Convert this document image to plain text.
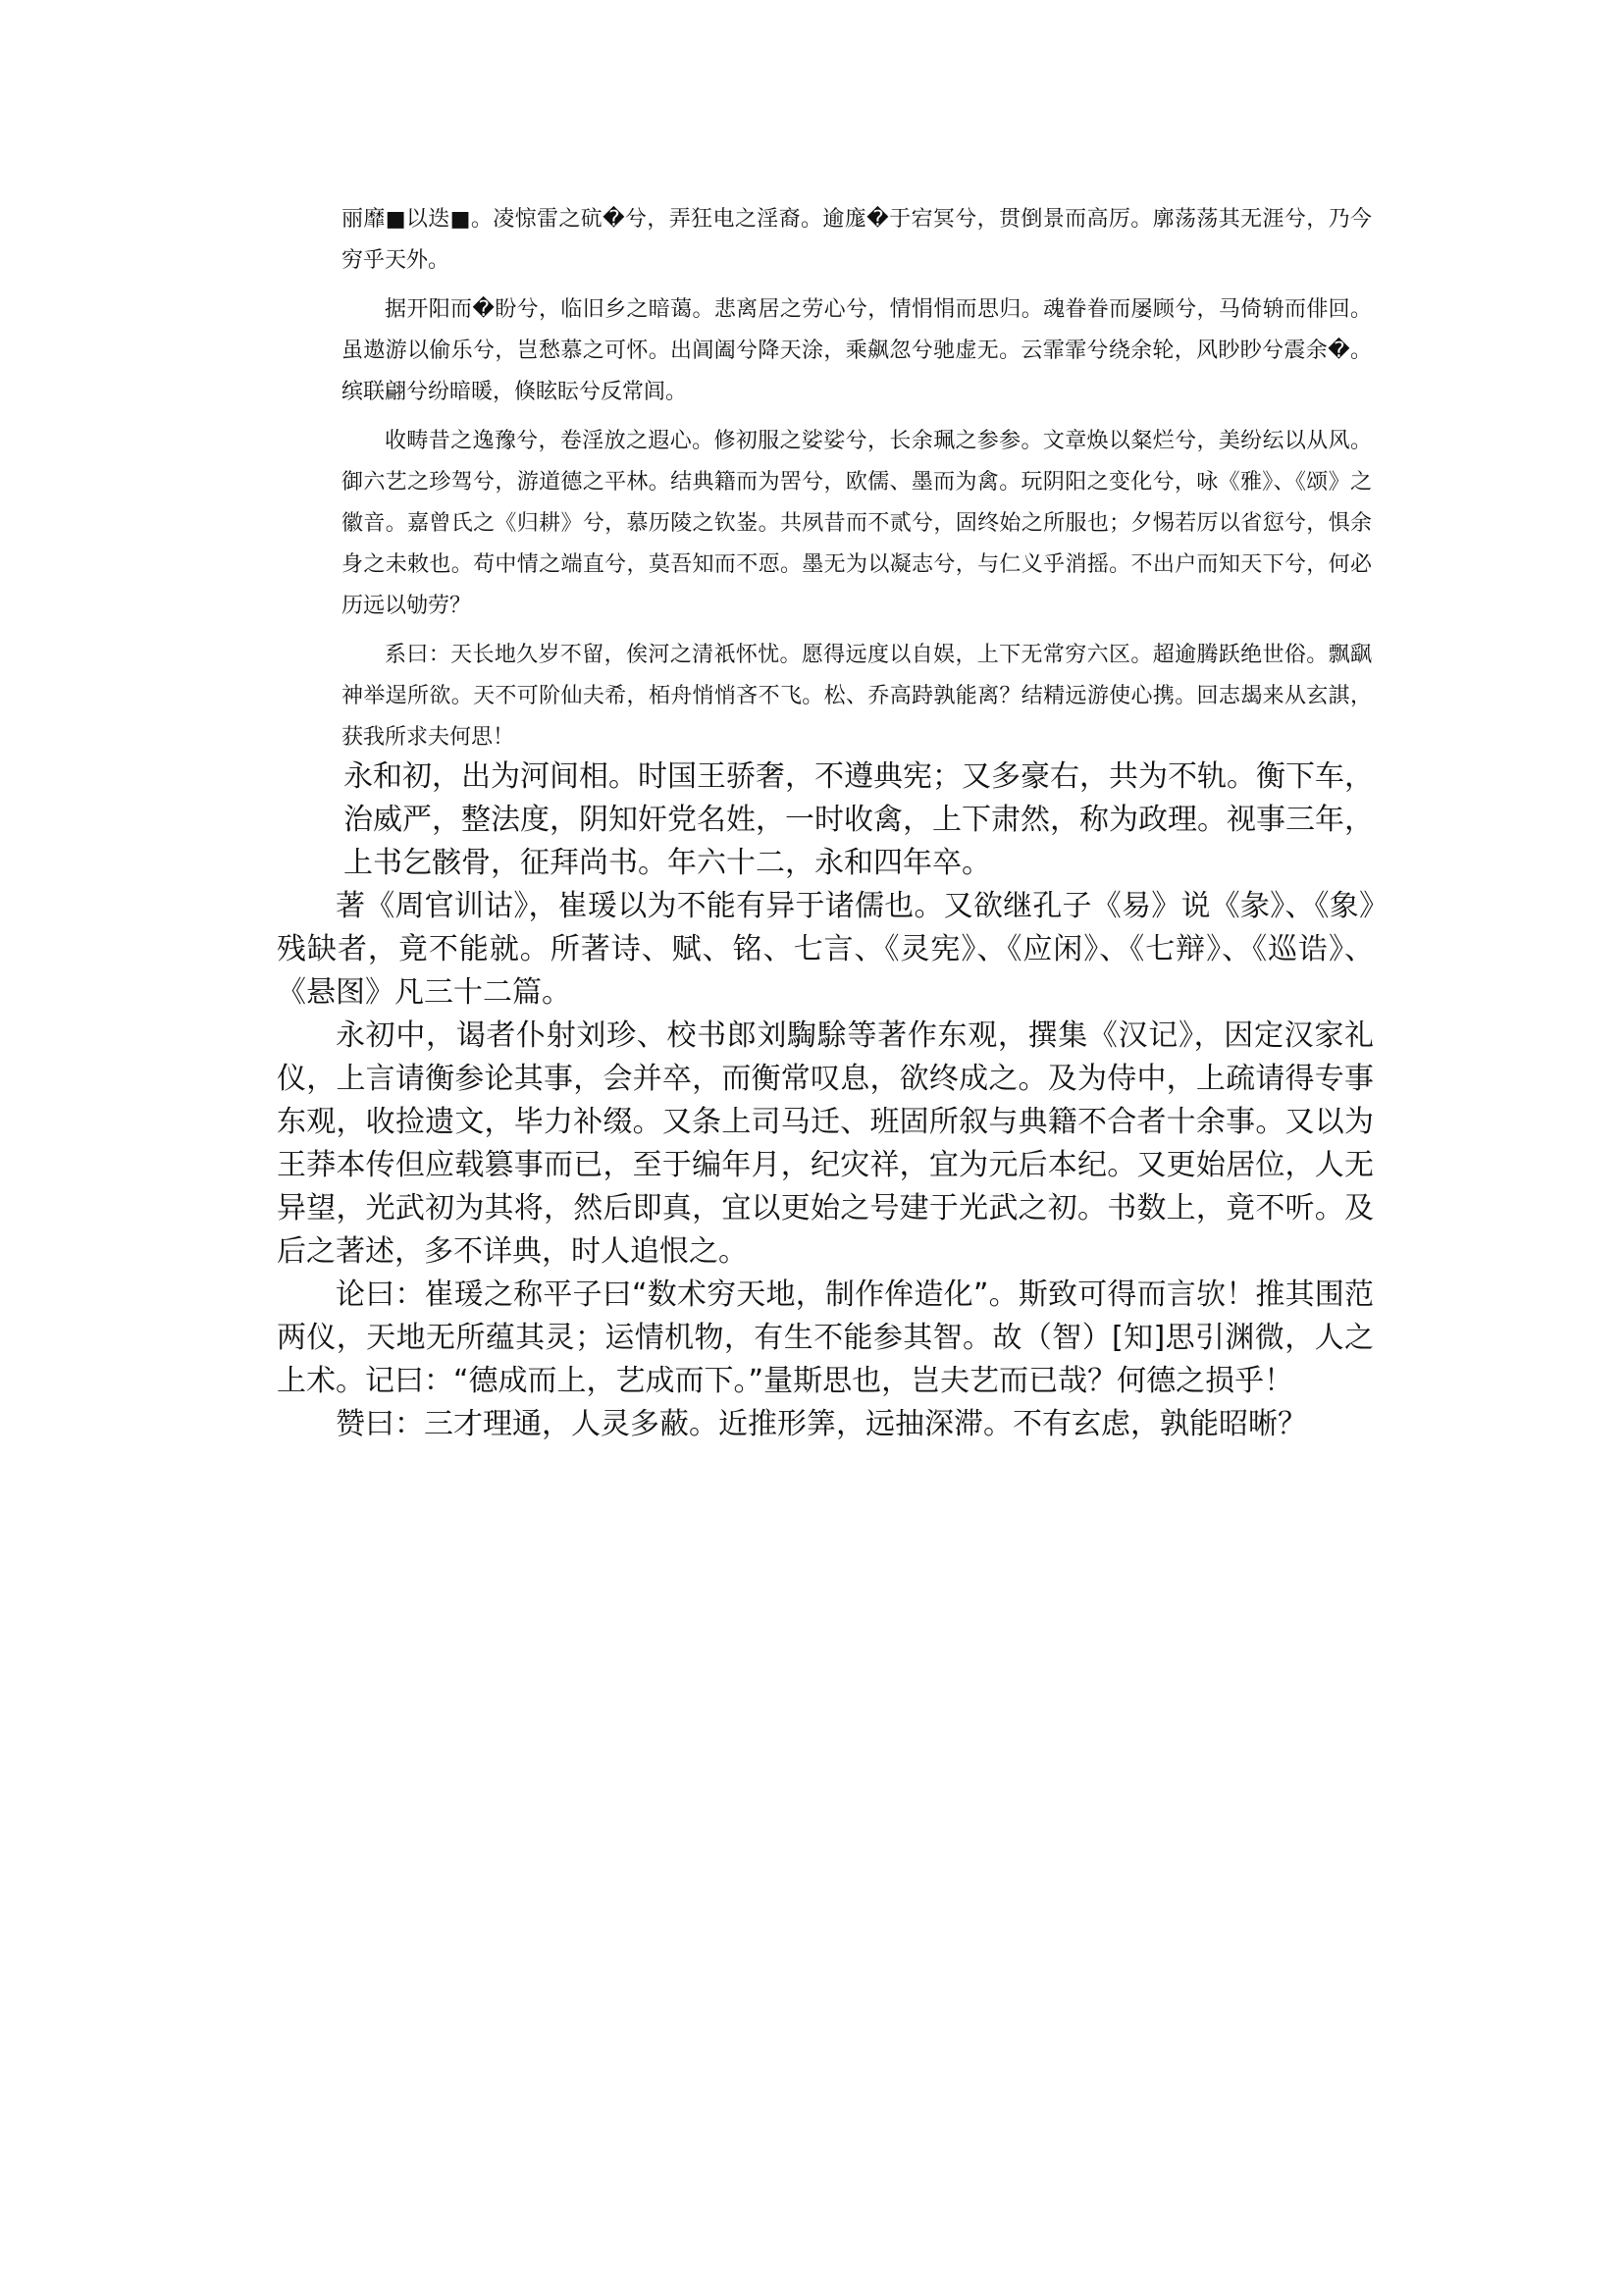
丽靡■以迭■。凌惊雷之砊�兮，弄狂电之淫裔。逾庬�于宕冥兮，贯倒景而高厉。廓荡荡其无涯兮，乃今穷乎天外。

据开阳而�盼兮，临旧乡之暗蔼。悲离居之劳心兮，情悁悁而思归。魂眷眷而屡顾兮，马倚辀而俳回。虽遨游以偷乐兮，岂愁慕之可怀。出阊阖兮降天涂，乘飙忽兮驰虚无。云霏霏兮绕余轮，风眇眇兮震余�。缤联翩兮纷暗暖，倏眩眃兮反常闾。

收畴昔之逸豫兮，卷淫放之遐心。修初服之娑娑兮，长余珮之参参。文章焕以粲烂兮，美纷纭以从风。御六艺之珍驾兮，游道德之平林。结典籍而为罟兮，欧儒、墨而为禽。玩阴阳之变化兮，咏《雅》、《颂》之徽音。嘉曾氏之《归耕》兮，慕历陵之钦崟。共夙昔而不贰兮，固终始之所服也；夕惕若厉以省愆兮，惧余身之未敕也。苟中情之端直兮，莫吾知而不恧。墨无为以凝志兮，与仁义乎消摇。不出户而知天下兮，何必历远以劬劳？

系曰：天长地久岁不留，俟河之清祇怀忧。愿得远度以自娱，上下无常穷六区。超逾腾跃绝世俗。飘飖神举逞所欲。天不可阶仙夫希，栢舟悄悄吝不飞。松、乔高跱孰能离？结精远游使心携。回志朅来从玄諆，获我所求夫何思！

永和初，出为河间相。时国王骄奢，不遵典宪；又多豪右，共为不轨。衡下车，治威严，整法度，阴知奸党名姓，一时收禽，上下肃然，称为政理。视事三年，上书乞骸骨，征拜尚书。年六十二，永和四年卒。

著《周官训诂》，崔瑗以为不能有异于诸儒也。又欲继孔子《易》说《彖》、《象》残缺者，竟不能就。所著诗、赋、铭、七言、《灵宪》、《应闲》、《七辩》、《巡诰》、《悬图》凡三十二篇。

永初中，谒者仆射刘珍、校书郎刘騊駼等著作东观，撰集《汉记》，因定汉家礼仪，上言请衡参论其事，会并卒，而衡常叹息，欲终成之。及为侍中，上疏请得专事东观，收捡遗文，毕力补缀。又条上司马迁、班固所叙与典籍不合者十余事。又以为王莽本传但应载篡事而已，至于编年月，纪灾祥，宜为元后本纪。又更始居位，人无异望，光武初为其将，然后即真，宜以更始之号建于光武之初。书数上，竟不听。及后之著述，多不详典，时人追恨之。

论曰：崔瑗之称平子曰“数术穷天地，制作侔造化”。斯致可得而言欤！推其围范两仪，天地无所蕴其灵；运情机物，有生不能参其智。故（智）[知]思引渊微，人之上术。记曰：“德成而上，艺成而下。”量斯思也，岂夫艺而已哉？何德之损乎！

赞曰：三才理通，人灵多蔽。近推形筭，远抽深滞。不有玄虑，孰能昭晰？
